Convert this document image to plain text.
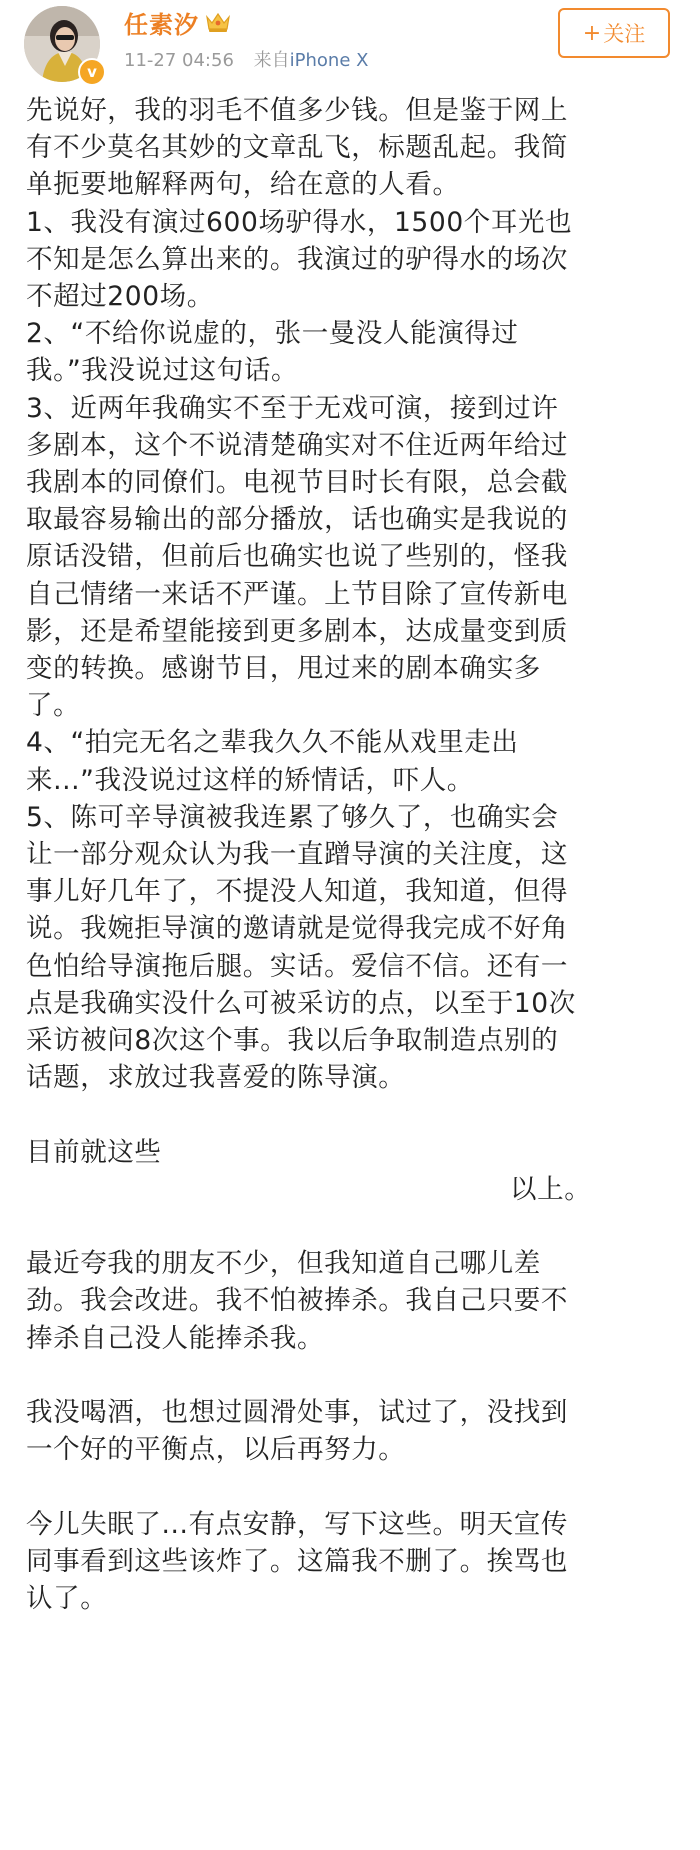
v
任素汐
11-27 04:56 来自iPhone X
+ 关注

先说好，我的羽毛不值多少钱。但是鉴于网上

有不少莫名其妙的文章乱飞，标题乱起。我简

单扼要地解释两句，给在意的人看。

1、我没有演过600场驴得水，1500个耳光也

不知是怎么算出来的。我演过的驴得水的场次

不超过200场。

2、“不给你说虚的，张一曼没人能演得过

我。”我没说过这句话。

3、近两年我确实不至于无戏可演，接到过许

多剧本，这个不说清楚确实对不住近两年给过

我剧本的同僚们。电视节目时长有限，总会截

取最容易输出的部分播放，话也确实是我说的

原话没错，但前后也确实也说了些别的，怪我

自己情绪一来话不严谨。上节目除了宣传新电

影，还是希望能接到更多剧本，达成量变到质

变的转换。感谢节目，甩过来的剧本确实多

了。

4、“拍完无名之辈我久久不能从戏里走出

来...”我没说过这样的矫情话，吓人。

5、陈可辛导演被我连累了够久了，也确实会

让一部分观众认为我一直蹭导演的关注度，这

事儿好几年了，不提没人知道，我知道，但得

说。我婉拒导演的邀请就是觉得我完成不好角

色怕给导演拖后腿。实话。爱信不信。还有一

点是我确实没什么可被采访的点，以至于10次

采访被问8次这个事。我以后争取制造点别的

话题，求放过我喜爱的陈导演。

目前就这些

以上。

最近夸我的朋友不少，但我知道自己哪儿差

劲。我会改进。我不怕被捧杀。我自己只要不

捧杀自己没人能捧杀我。

我没喝酒，也想过圆滑处事，试过了，没找到

一个好的平衡点，以后再努力。

今儿失眠了...有点安静，写下这些。明天宣传

同事看到这些该炸了。这篇我不删了。挨骂也

认了。
